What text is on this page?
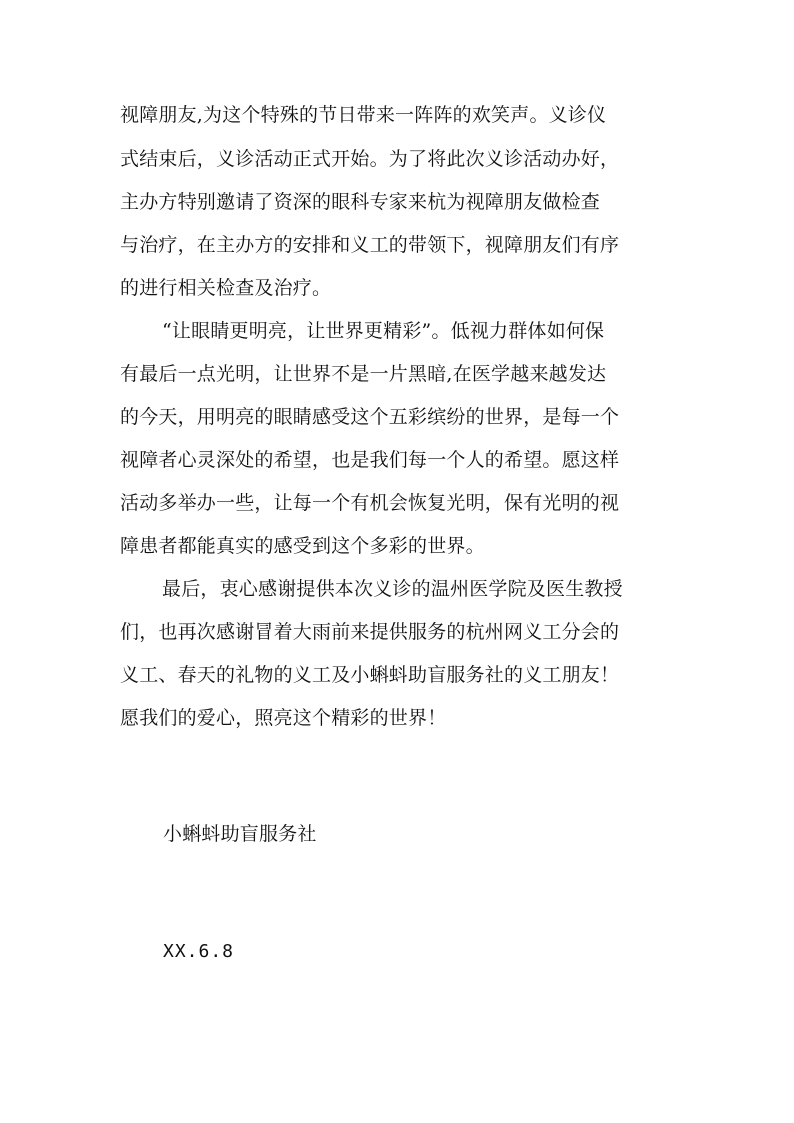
视障朋友,为这个特殊的节日带来一阵阵的欢笑声。义诊仪
式结束后，义诊活动正式开始。为了将此次义诊活动办好，
主办方特别邀请了资深的眼科专家来杭为视障朋友做检查
与治疗，在主办方的安排和义工的带领下，视障朋友们有序
的进行相关检查及治疗。
“让眼睛更明亮，让世界更精彩”。低视力群体如何保
有最后一点光明，让世界不是一片黑暗,在医学越来越发达
的今天，用明亮的眼睛感受这个五彩缤纷的世界，是每一个
视障者心灵深处的希望，也是我们每一个人的希望。愿这样
活动多举办一些，让每一个有机会恢复光明，保有光明的视
障患者都能真实的感受到这个多彩的世界。
最后，衷心感谢提供本次义诊的温州医学院及医生教授
们，也再次感谢冒着大雨前来提供服务的杭州网义工分会的
义工、春天的礼物的义工及小蝌蚪助盲服务社的义工朋友！
愿我们的爱心，照亮这个精彩的世界！
小蝌蚪助盲服务社
XX.6.8
